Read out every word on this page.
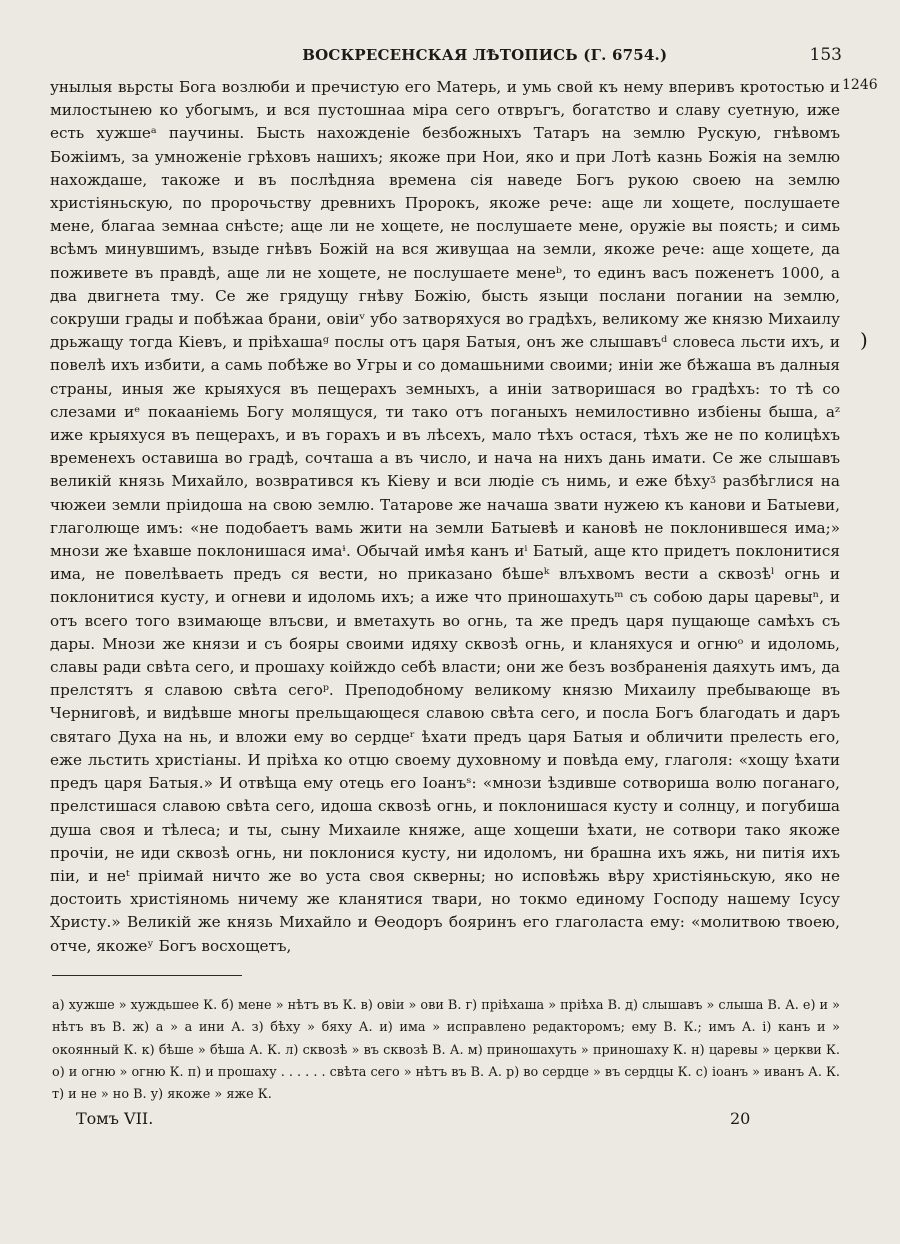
ВОСКРЕСЕНСКАЯ ЛѢТОПИСЬ (Г. 6754.)	153
1246
)

унылыя вьрсты Бога возлюби и пречистую его Матерь, и умь свой къ нему вперивъ кротостью и милостынею ко убогымъ, и вся пустошнаа міра сего отвръгъ, богатство и славу суетную, иже есть хужшеᵃ паучины. Бысть нахожденіе безбожныхъ Татаръ на землю Рускую, гнѣвомъ Божіимъ, за умноженіе грѣховъ нашихъ; якоже при Нои, яко и при Лотѣ казнь Божія на землю нахождаше, такоже и въ послѣдняа времена сія наведе Богъ рукою своею на землю христіяньскую, по пророчьству древнихъ Пророкъ, якоже рече: аще ли хощете, послушаете мене, благаа земнаа снѣсте; аще ли не хощете, не послушаете мене, оружіе вы поясть; и симь всѣмъ минувшимъ, взыде гнѣвъ Божій на вся живущаа на земли, якоже рече: аще хощете, да поживете въ правдѣ, аще ли не хощете, не послушаете менеᵇ, то единъ васъ поженетъ 1000, а два двигнета тму. Се же грядущу гнѣву Божію, бысть языци послани погании на землю, сокруши грады и побѣжаа брани, овіиᵛ убо затворяхуся во градѣхъ, великому же князю Михаилу дрьжащу тогда Кіевъ, и пріѣхашаᵍ послы отъ царя Батыя, онъ же слышавъᵈ словеса льсти ихъ, и повелѣ ихъ избити, а самь побѣже во Угры и со домашьними своими; иніи же бѣжаша въ далныя страны, иныя же крыяхуся въ пещерахъ земныхъ, а иніи затворишася во градѣхъ: то тѣ со слезами иᵉ покааніемь Богу молящуся, ти тако отъ поганыхъ немилостивно избіены быша, аᶻ иже крыяхуся въ пещерахъ, и въ горахъ и въ лѣсехъ, мало тѣхъ остася, тѣхъ же не по колицѣхъ временехъ оставиша во градѣ, сочташа а въ число, и нача на нихъ дань имати. Се же слышавъ великій князь Михайло, возвратився къ Кіеву и вси людіе съ нимь, и еже бѣхуᶾ разбѣглися на чюжеи земли пріидоша на свою землю. Татарове же начаша звати нужею къ канови и Батыеви, глаголюще имъ: «не подобаетъ вамь жити на земли Батыевѣ и кановѣ не поклонившеся има;» мнози же ѣхавше поклонишася имаᶤ. Обычай имѣя канъ иⁱ Батый, аще кто придетъ поклонитися има, не повелѣваеть предъ ся вести, но приказано бѣшеᵏ влъхвомъ вести а сквозѣˡ огнь и поклонитися кусту, и огневи и идоломь ихъ; а иже что приношахутьᵐ съ собою дары царевыⁿ, и отъ всего того взимающе влъсви, и вметахуть во огнь, та же предъ царя пущающе самѣхъ съ дары. Мнози же князи и съ бояры своими идяху сквозѣ огнь, и кланяхуся и огнюᵒ и идоломь, славы ради свѣта сего, и прошаху коійждо себѣ власти; они же безъ возбраненія даяхуть имъ, да прелстятъ я славою свѣта сегоᵖ. Преподобному великому князю Михаилу пребывающе въ Черниговѣ, и видѣвше многы прельщающеся славою свѣта сего, и посла Богъ благодать и даръ святаго Духа на нь, и вложи ему во сердцеʳ ѣхати предъ царя Батыя и обличити прелесть его, еже льстить христіаны. И пріѣха ко отцю своему духовному и повѣда ему, глаголя: «хощу ѣхати предъ царя Батыя.» И отвѣща ему отець его Іоанъˢ: «мнози ѣздивше сотвориша волю поганаго, прелстишася славою свѣта сего, идоша сквозѣ огнь, и поклонишася кусту и солнцу, и погубиша душа своя и тѣлеса; и ты, сыну Михаиле княже, аще хощеши ѣхати, не сотвори тако якоже прочіи, не иди сквозѣ огнь, ни поклонися кусту, ни идоломъ, ни брашна ихъ яжь, ни питія ихъ піи, и неᵗ пріимай ничто же во уста своя скверны; но исповѣжь вѣру христіяньскую, яко не достоить христіяномь ничему же кланятися твари, но токмо единому Господу нашему Ісусу Христу.» Великій же князь Михайло и Ѳеодоръ бояринъ его глаголаста ему: «молитвою твоею, отче, якожеʸ Богъ восхощетъ,

а) хужше » хуждьшее К. б) мене » нѣтъ въ К. в) овіи » ови В. г) пріѣхаша » пріѣха В. д) слышавъ » слыша В. А. е) и » нѣтъ въ В. ж) а » а ини А. з) бѣху » бяху А. и) има » исправлено редакторомъ; ему В. К.; имъ А. і) канъ и » окоянный К. к) бѣше » бѣша А. К. л) сквозѣ » въ сквозѣ В. А. м) приношахуть » приношаху К. н) царевы » церкви К. о) и огню » огню К. п) и прошаху . . . . . . свѣта сего » нѣтъ въ В. А. р) во сердце » въ сердцы К. с) іоанъ » иванъ А. К. т) и не » но В. у) якоже » яже К.

Томъ VII.	20
